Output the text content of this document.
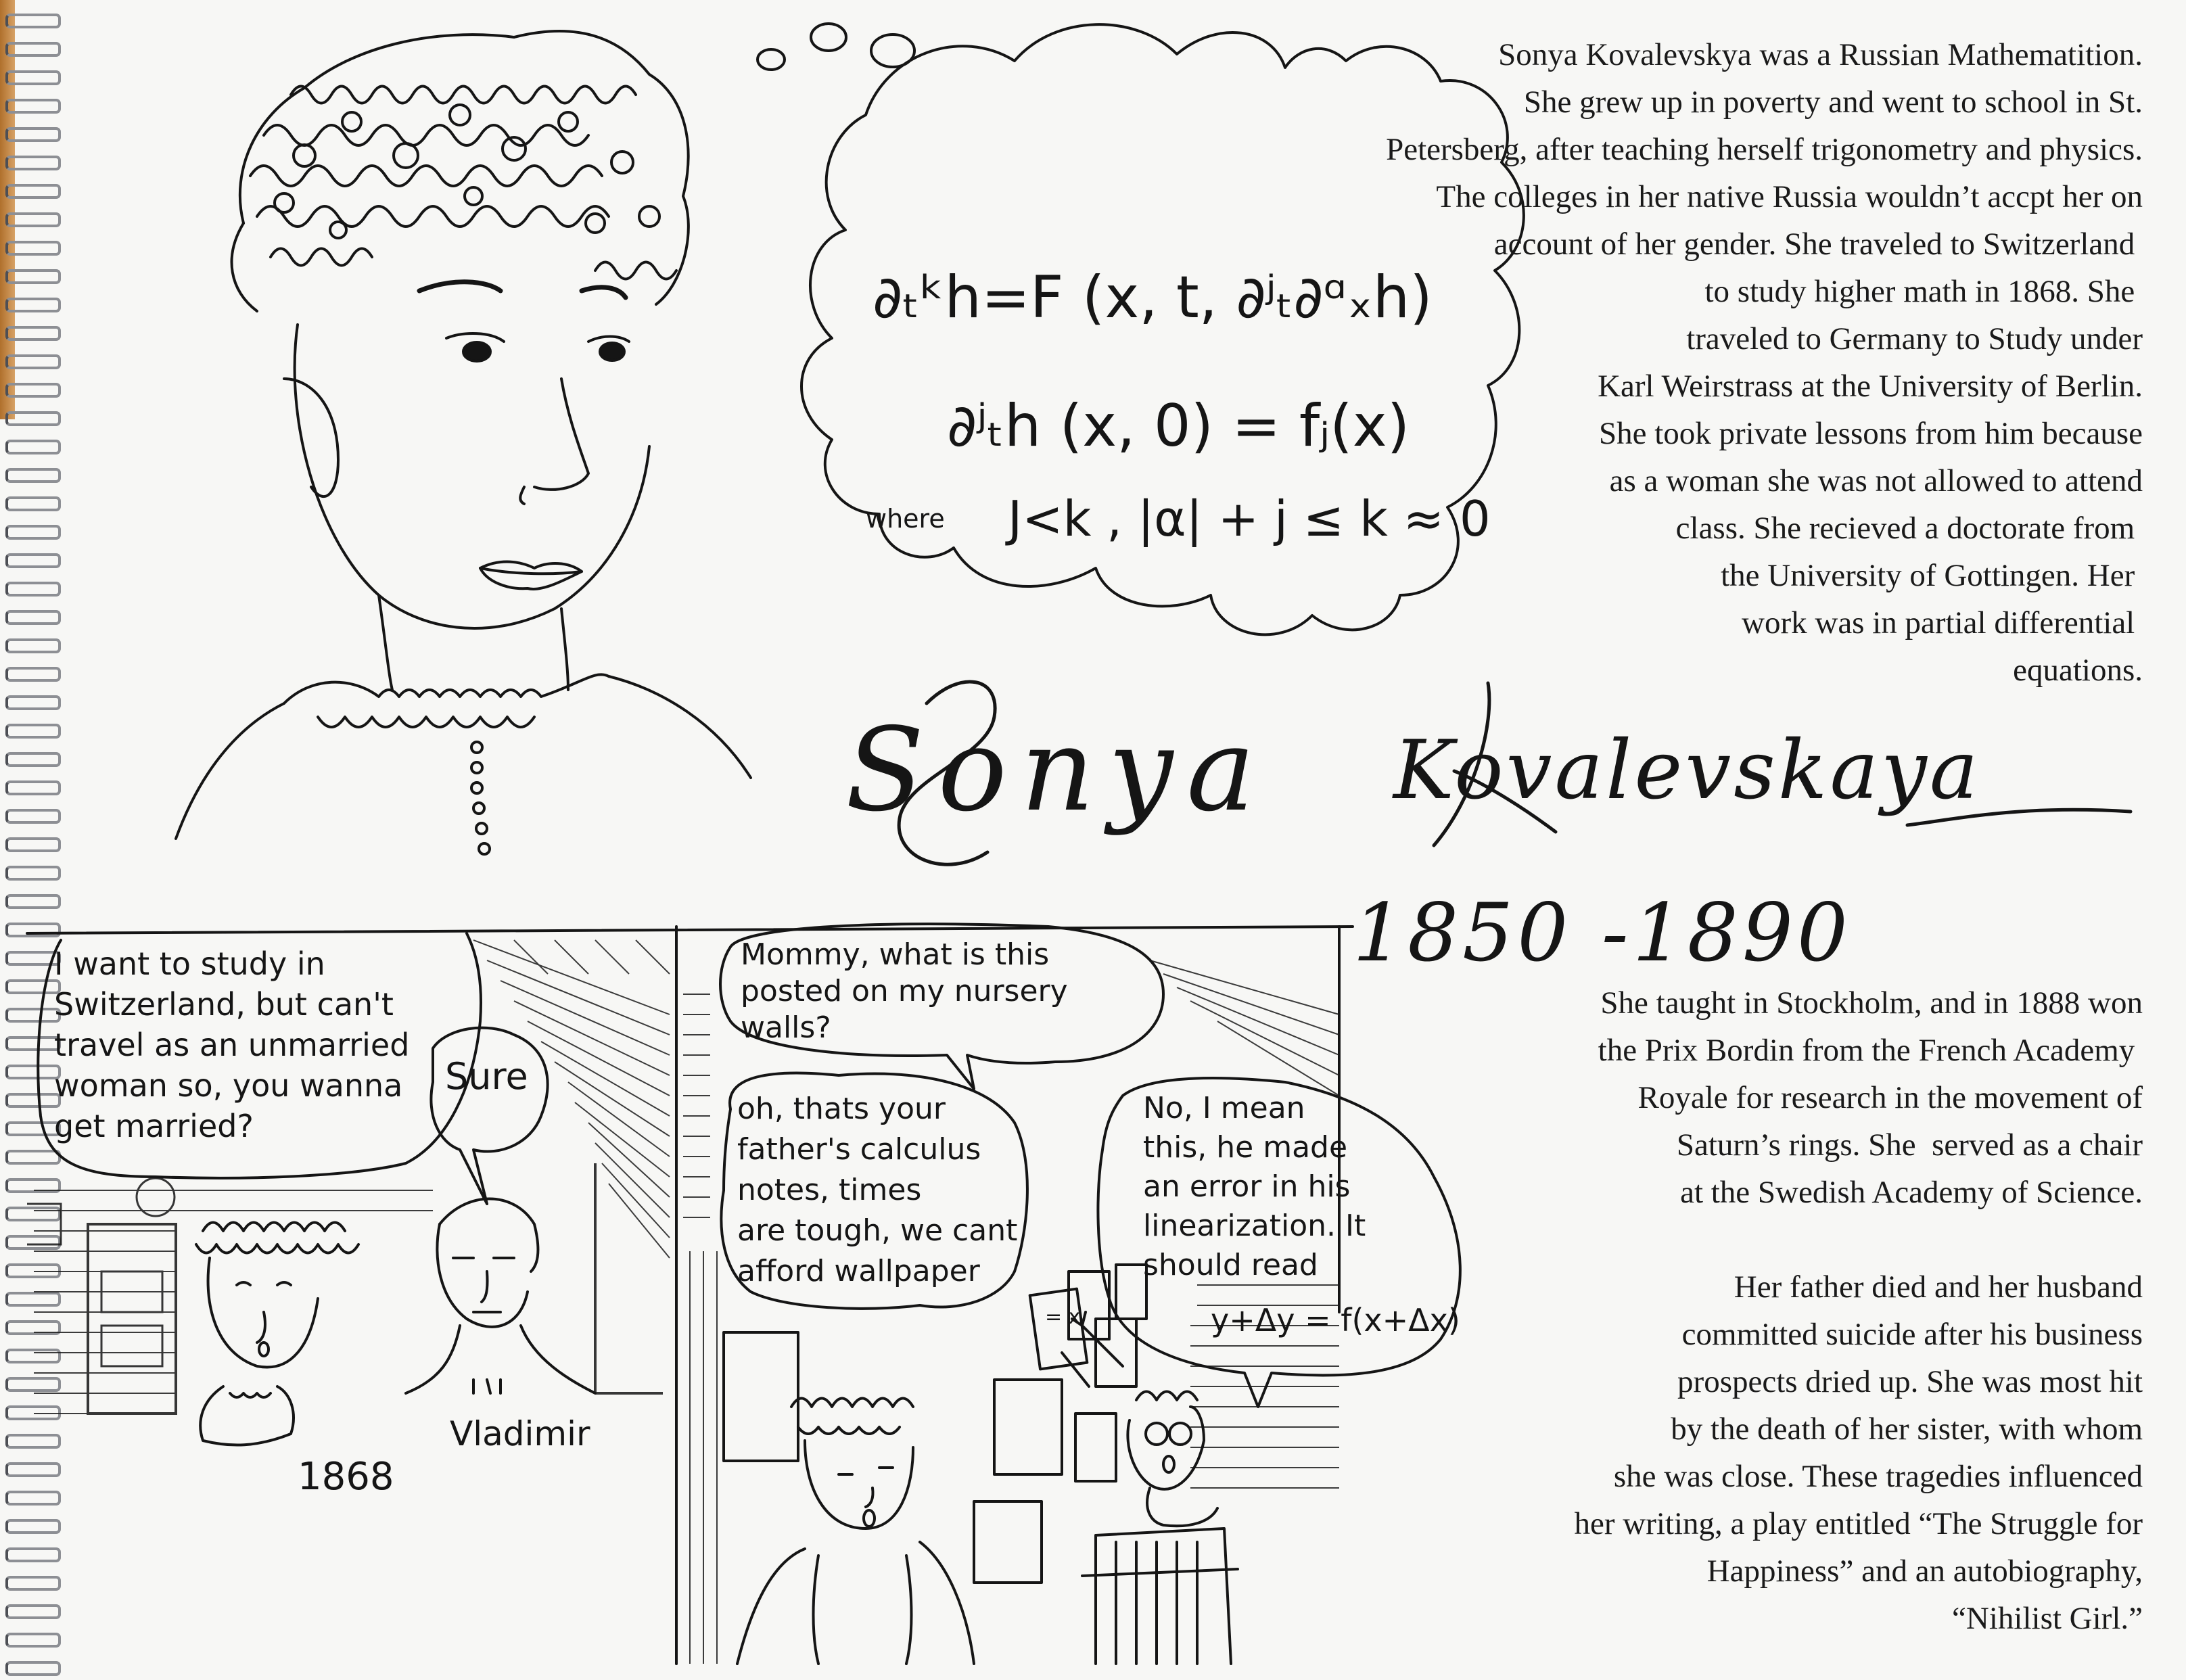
Sonya Kovalevskya was a Russian Mathematition.
She grew up in poverty and went to school in St.
Petersberg, after teaching herself trigonometry and physics.
The colleges in her native Russia wouldn’t accpt her on
account of her gender. She traveled to Switzerland
to study higher math in 1868. She
traveled to Germany to Study under
Karl Weirstrass at the University of Berlin.
She took private lessons from him because
as a woman she was not allowed to attend
class. She recieved a doctorate from
the University of Gottingen. Her
work was in partial differential
equations.
She taught in Stockholm, and in 1888 won
the Prix Bordin from the French Academy
Royale for research in the movement of
Saturn’s rings. She  served as a chair
at the Swedish Academy of Science.
Her father died and her husband
committed suicide after his business
prospects dried up. She was most hit
by the death of her sister, with whom
she was close. These tragedies influenced
her writing, a play entitled “The Struggle for
Happiness” and an autobiography,
“Nihilist Girl.”
Sonya Kovalevskaya
1850 -1890
∂ₜᵏh=F (x, t, ∂ʲₜ∂ᵅₓh)
∂ʲₜh (x, 0) = fⱼ(x)
where J<k , |α| + j ≤ k ≈ 0
I want to study in
Switzerland, but can't
travel as an unmarried
woman so, you wanna
get married?
Sure
Vladimir
1868
Mommy, what is this
posted on my nursery
walls?
oh, thats your
father's calculus
notes, times
are tough, we cant
afford wallpaper
No, I mean
this, he made
an error in his
linearization. It
should read
y+Δy = f(x+Δx)
= x
